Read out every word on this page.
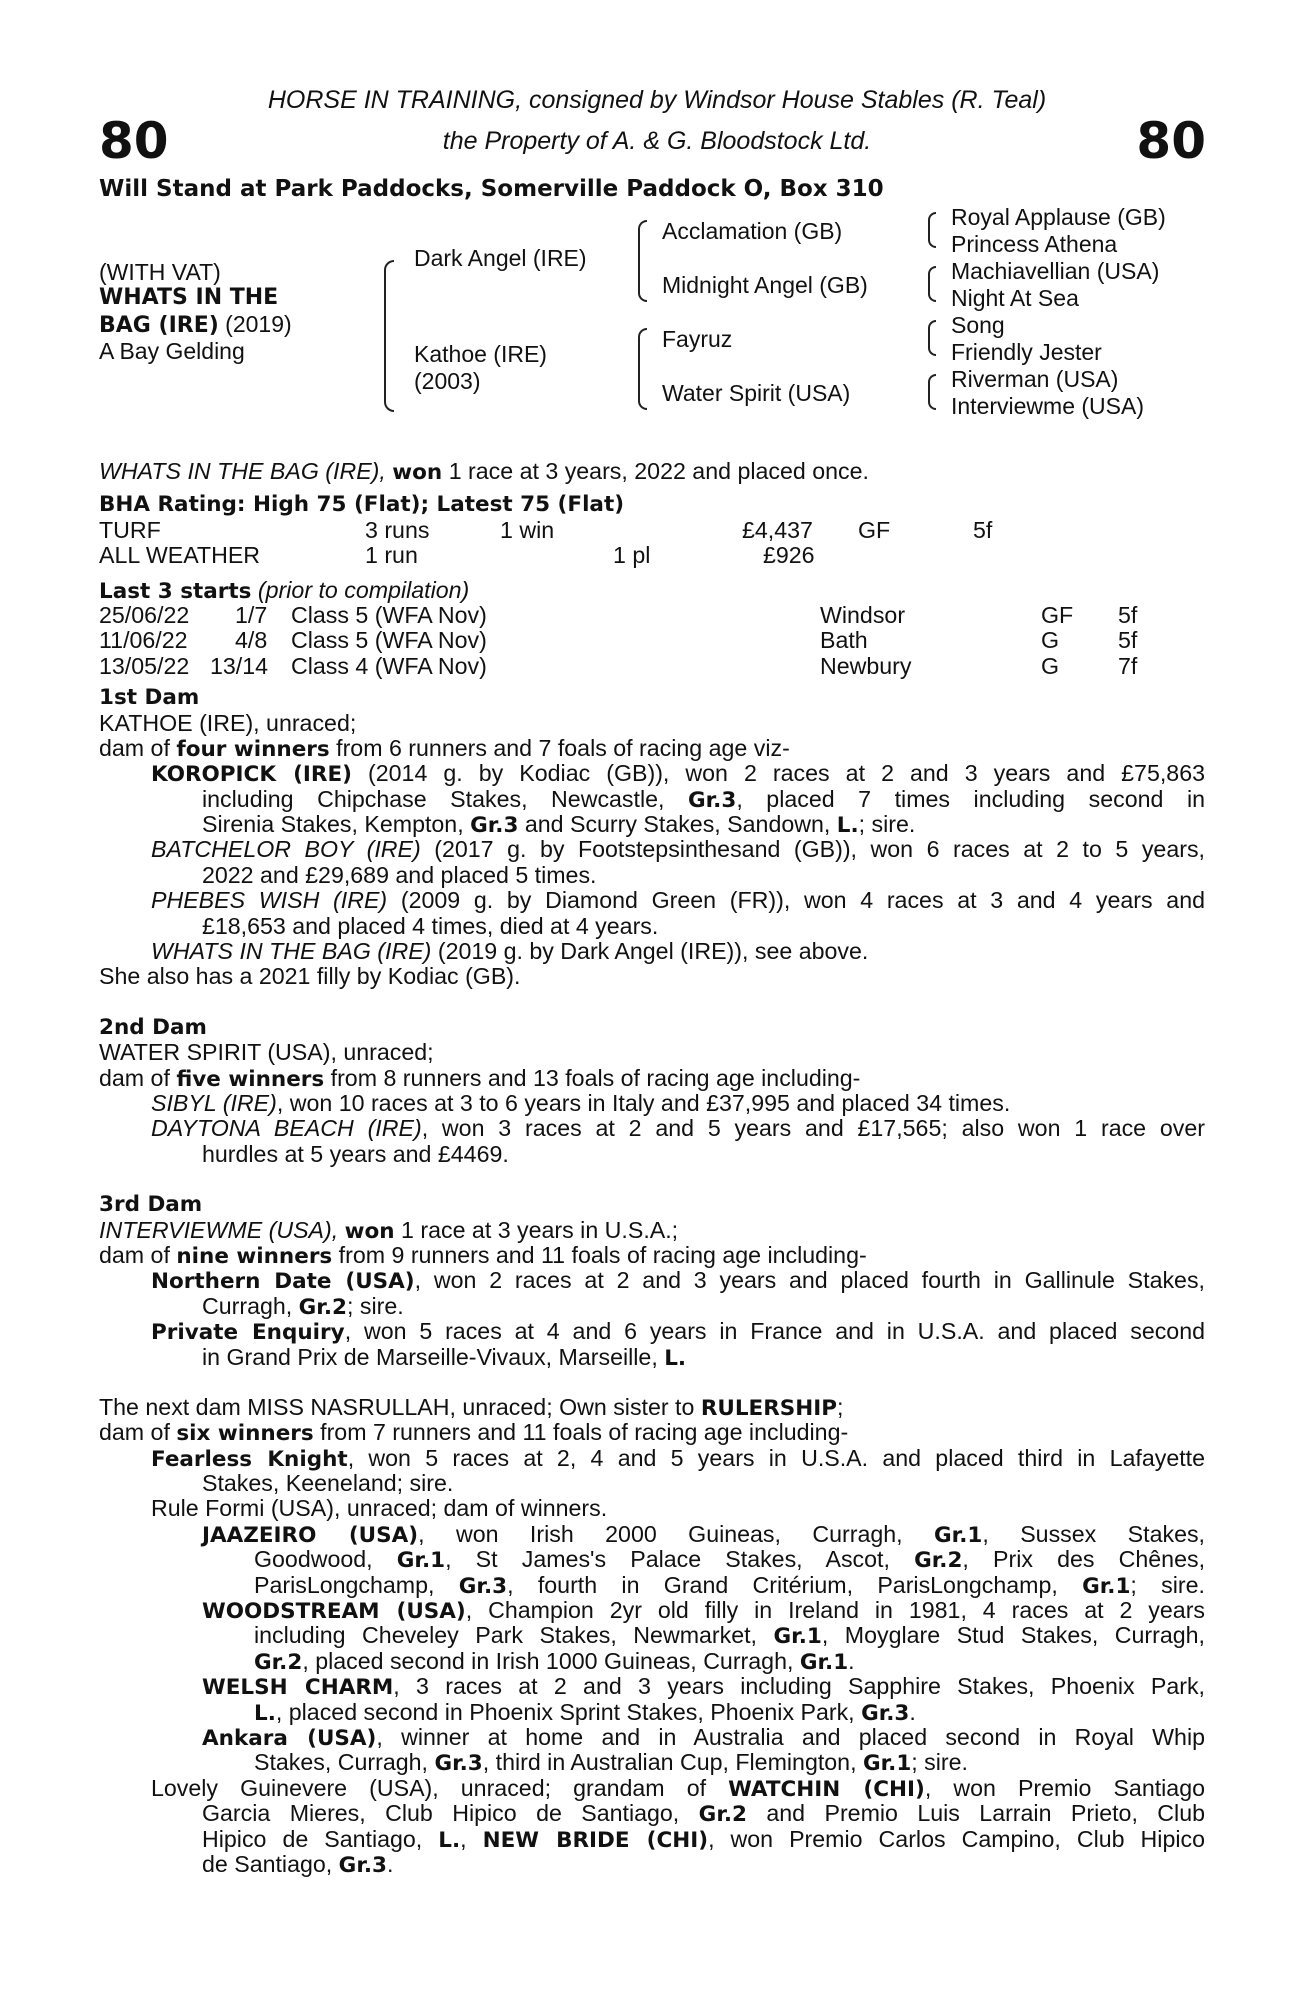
80	80
HORSE IN TRAINING, consigned by Windsor House Stables (R. Teal)
the Property of A. & G. Bloodstock Ltd.
Will Stand at Park Paddocks, Somerville Paddock O, Box 310
(WITH VAT)
WHATS IN THE
BAG (IRE) (2019)
A Bay Gelding
Dark Angel (IRE)
Kathoe (IRE)
(2003)
Acclamation (GB)
Midnight Angel (GB)
Fayruz
Water Spirit (USA)
Royal Applause (GB)
Princess Athena
Machiavellian (USA)
Night At Sea
Song
Friendly Jester
Riverman (USA)
Interviewme (USA)
WHATS IN THE BAG (IRE), won 1 race at 3 years, 2022 and placed once.
BHA Rating: High 75 (Flat); Latest 75 (Flat)
TURF	3 runs	1 win	£4,437 GF	5f
ALL WEATHER	1 run	1 pl	£926
Last 3 starts (prior to compilation)
25/06/22 1/7 Class 5 (WFA Nov)	Windsor	GF 5f
11/06/22 4/8 Class 5 (WFA Nov)	Bath	G	5f
13/05/22 13/14 Class 4 (WFA Nov)	Newbury	G	7f
1st Dam
KATHOE (IRE), unraced;
dam of four winners from 6 runners and 7 foals of racing age viz-
KOROPICK (IRE) (2014 g. by Kodiac (GB)), won 2 races at 2 and 3 years and £75,863
including Chipchase Stakes, Newcastle, Gr.3, placed 7 times including second in
Sirenia Stakes, Kempton, Gr.3 and Scurry Stakes, Sandown, L.; sire.
BATCHELOR BOY (IRE) (2017 g. by Footstepsinthesand (GB)), won 6 races at 2 to 5 years,
2022 and £29,689 and placed 5 times.
PHEBES WISH (IRE) (2009 g. by Diamond Green (FR)), won 4 races at 3 and 4 years and
£18,653 and placed 4 times, died at 4 years.
WHATS IN THE BAG (IRE) (2019 g. by Dark Angel (IRE)), see above.
She also has a 2021 filly by Kodiac (GB).
2nd Dam
WATER SPIRIT (USA), unraced;
dam of five winners from 8 runners and 13 foals of racing age including-
SIBYL (IRE), won 10 races at 3 to 6 years in Italy and £37,995 and placed 34 times.
DAYTONA BEACH (IRE), won 3 races at 2 and 5 years and £17,565; also won 1 race over
hurdles at 5 years and £4469.
3rd Dam
INTERVIEWME (USA), won 1 race at 3 years in U.S.A.;
dam of nine winners from 9 runners and 11 foals of racing age including-
Northern Date (USA), won 2 races at 2 and 3 years and placed fourth in Gallinule Stakes,
Curragh, Gr.2; sire.
Private Enquiry, won 5 races at 4 and 6 years in France and in U.S.A. and placed second
in Grand Prix de Marseille-Vivaux, Marseille, L.
The next dam MISS NASRULLAH, unraced; Own sister to RULERSHIP;
dam of six winners from 7 runners and 11 foals of racing age including-
Fearless Knight, won 5 races at 2, 4 and 5 years in U.S.A. and placed third in Lafayette
Stakes, Keeneland; sire.
Rule Formi (USA), unraced; dam of winners.
JAAZEIRO (USA), won Irish 2000 Guineas, Curragh, Gr.1, Sussex Stakes,
Goodwood, Gr.1, St James's Palace Stakes, Ascot, Gr.2, Prix des Chênes,
ParisLongchamp, Gr.3, fourth in Grand Critérium, ParisLongchamp, Gr.1; sire.
WOODSTREAM (USA), Champion 2yr old filly in Ireland in 1981, 4 races at 2 years
including Cheveley Park Stakes, Newmarket, Gr.1, Moyglare Stud Stakes, Curragh,
Gr.2, placed second in Irish 1000 Guineas, Curragh, Gr.1.
WELSH CHARM, 3 races at 2 and 3 years including Sapphire Stakes, Phoenix Park,
L., placed second in Phoenix Sprint Stakes, Phoenix Park, Gr.3.
Ankara (USA), winner at home and in Australia and placed second in Royal Whip
Stakes, Curragh, Gr.3, third in Australian Cup, Flemington, Gr.1; sire.
Lovely Guinevere (USA), unraced; grandam of WATCHIN (CHI), won Premio Santiago
Garcia Mieres, Club Hipico de Santiago, Gr.2 and Premio Luis Larrain Prieto, Club
Hipico de Santiago, L., NEW BRIDE (CHI), won Premio Carlos Campino, Club Hipico
de Santiago, Gr.3.
